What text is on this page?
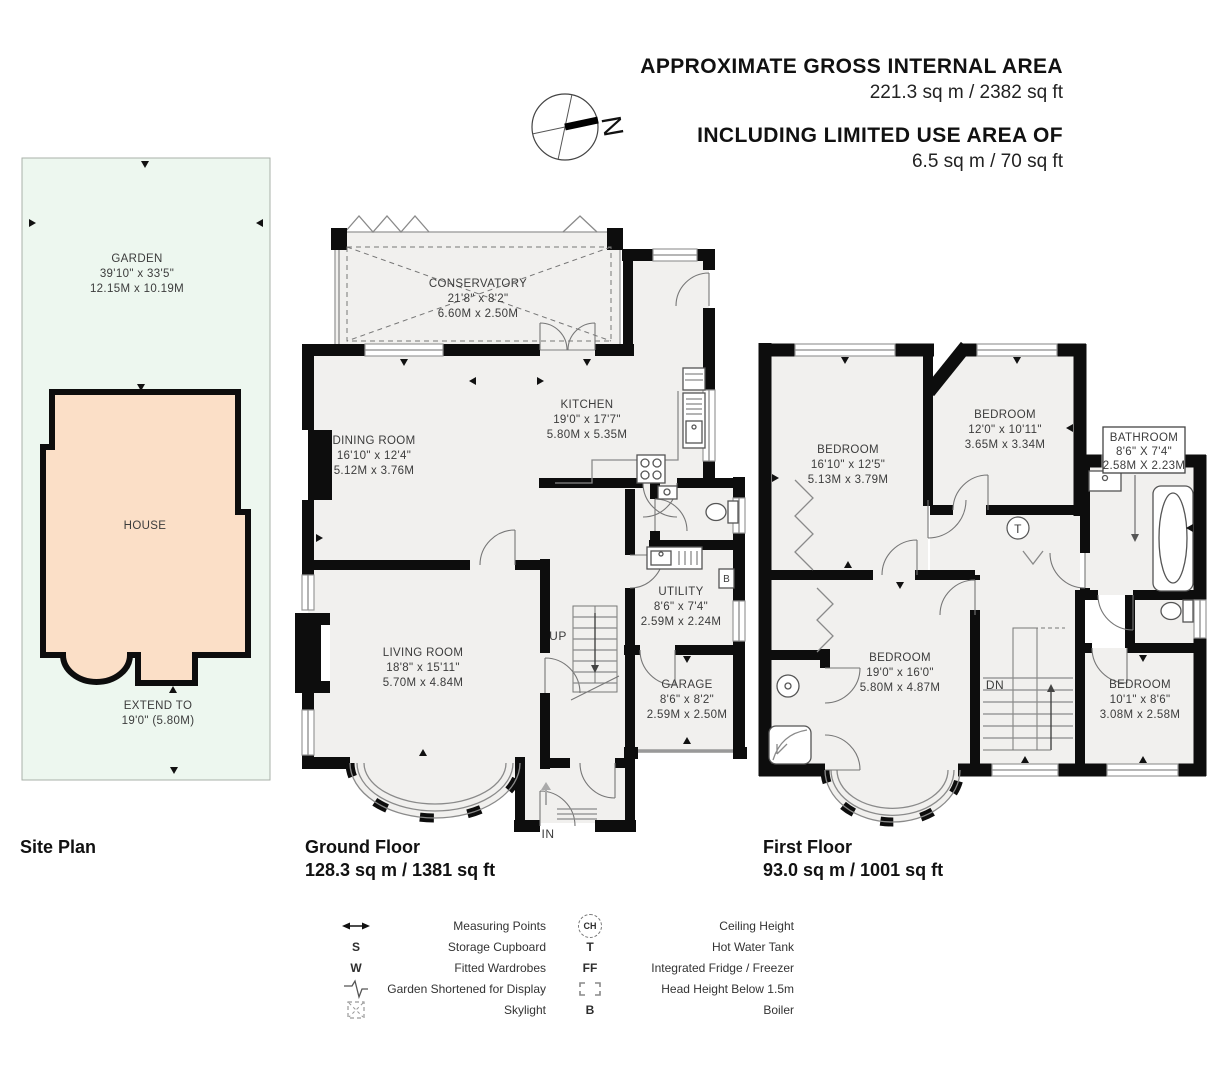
APPROXIMATE GROSS INTERNAL AREA
221.3 sq m / 2382 sq ft
INCLUDING LIMITED USE AREA OF
6.5 sq m / 70 sq ft
N
GARDEN
39'10" x 33'5"
12.15M x 10.19M
HOUSE
EXTEND TO
19'0" (5.80M)
CONSERVATORY
21'8" x 8'2"
6.60M x 2.50M
B
UP
IN
DINING ROOM
16'10" x 12'4"
5.12M x 3.76M
KITCHEN
19'0" x 17'7"
5.80M x 5.35M
LIVING ROOM
18'8" x 15'11"
5.70M x 4.84M
UTILITY
8'6" x 7'4"
2.59M x 2.24M
GARAGE
8'6" x 8'2"
2.59M x 2.50M
T
DN
BATHROOM
8'6" X 7'4"
2.58M X 2.23M
BEDROOM
16'10" x 12'5"
5.13M x 3.79M
BEDROOM
12'0" x 10'11"
3.65M x 3.34M
BEDROOM
19'0" x 16'0"
5.80M x 4.87M	BEDROOM
10'1" x 8'6"
3.08M x 2.58M
Site Plan	Ground Floor
128.3 sq m / 1381 sq ft
First Floor
93.0 sq m / 1001 sq ft
Measuring Points
S	Storage Cupboard
W	Fitted Wardrobes
Garden Shortened for Display
Skylight
CH	Ceiling Height
T	Hot Water Tank
FF	Integrated Fridge / Freezer
Head Height Below 1.5m
B	Boiler
